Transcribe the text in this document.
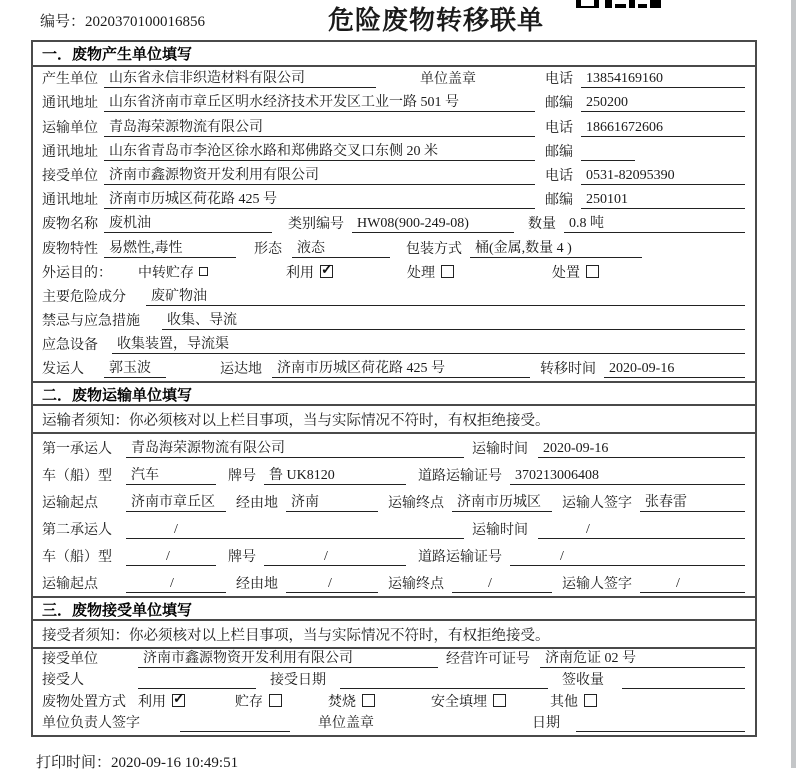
编号：2020370100016856	危险废物转移联单
一．废物产生单位填写
产生单位 山东省永信非织造材料有限公司	单位盖章	电话 13854169160
通讯地址 山东省济南市章丘区明水经济技术开发区工业一路 501 号	邮编 250200
运输单位 青岛海荣源物流有限公司	电话 18661672606
通讯地址 山东省青岛市李沧区徐水路和郑佛路交叉口东侧 20 米	邮编
接受单位 济南市鑫源物资开发利用有限公司	电话 0531-82095390
通讯地址 济南市历城区荷花路 425 号	邮编 250101
废物名称 废机油	类别编号 HW08(900-249-08)	数量 0.8 吨
废物特性 易燃性,毒性	形态	液态	包装方式 桶(金属,数量 4 )
外运目的：	中转贮存	利用 ✓	处理	处置
主要危险成分	废矿物油
禁忌与应急措施	收集、导流
应急设备	收集装置，导流渠
发运人	郭玉波	运达地	济南市历城区荷花路 425 号	转移时间 2020-09-16
二．废物运输单位填写
运输者须知：你必须核对以上栏目事项，当与实际情况不符时，有权拒绝接受。
第一承运人	青岛海荣源物流有限公司	运输时间	2020-09-16
车（船）型	汽车	牌号 鲁 UK8120	道路运输证号 370213006408
运输起点	济南市章丘区	经由地 济南	运输终点 济南市历城区	运输人签字 张春雷
第二承运人	/	运输时间	/
车（船）型	/	牌号	/	道路运输证号	/
运输起点	/	经由地	/	运输终点	/	运输人签字	/
三．废物接受单位填写
接受者须知：你必须核对以上栏目事项，当与实际情况不符时，有权拒绝接受。
接受单位	济南市鑫源物资开发利用有限公司	经营许可证号	济南危证 02 号
接受人	接受日期	签收量
废物处置方式 利用 ✓	贮存	焚烧	安全填埋	其他
单位负责人签字	单位盖章	日期
打印时间：2020-09-16 10:49:51
